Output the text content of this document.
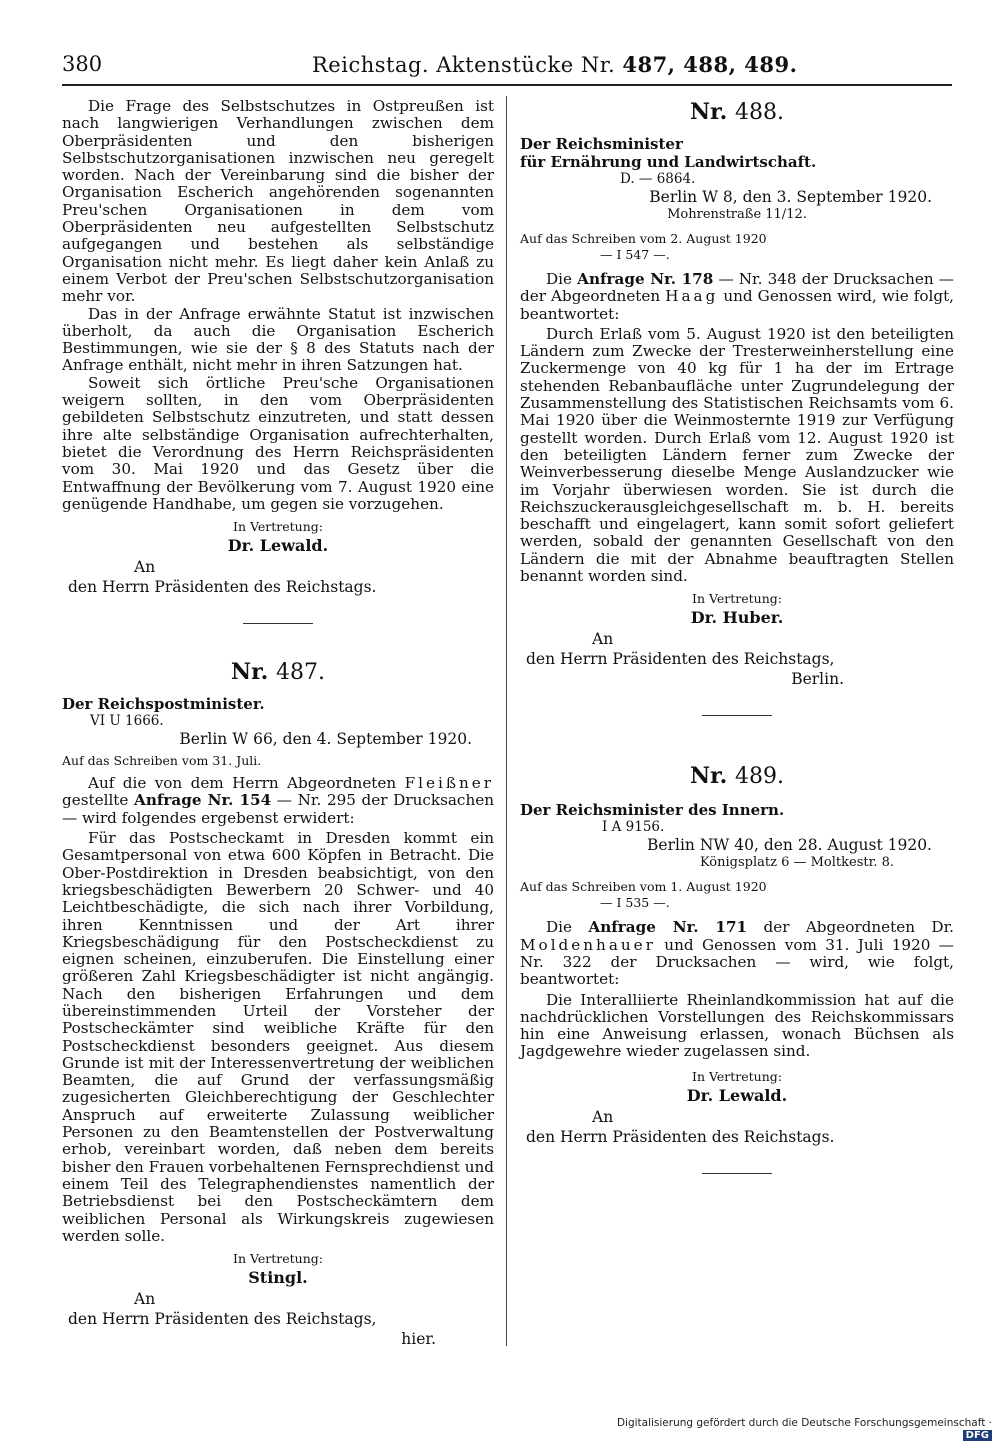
380	Reichstag. Aktenstücke Nr. 487, 488, 489.

Die Frage des Selbstschutzes in Ostpreußen ist nach langwierigen Verhandlungen zwischen dem Oberpräsidenten und den bisherigen Selbstschutzorganisationen inzwischen neu geregelt worden. Nach der Vereinbarung sind die bisher der Organisation Escherich angehörenden sogenannten Preu'schen Organisationen in dem vom Oberpräsidenten neu aufgestellten Selbstschutz aufgegangen und bestehen als selbständige Organisation nicht mehr. Es liegt daher kein Anlaß zu einem Verbot der Preu'schen Selbstschutzorganisation mehr vor.

Das in der Anfrage erwähnte Statut ist inzwischen überholt, da auch die Organisation Escherich Bestimmungen, wie sie der § 8 des Statuts nach der Anfrage enthält, nicht mehr in ihren Satzungen hat.

Soweit sich örtliche Preu'sche Organisationen weigern sollten, in den vom Oberpräsidenten gebildeten Selbstschutz einzutreten, und statt dessen ihre alte selbständige Organisation aufrechterhalten, bietet die Verordnung des Herrn Reichspräsidenten vom 30. Mai 1920 und das Gesetz über die Entwaffnung der Bevölkerung vom 7. August 1920 eine genügende Handhabe, um gegen sie vorzugehen.

In Vertretung:
Dr. Lewald.
An
den Herrn Präsidenten des Reichstags.
Nr. 487.
Der Reichspostminister.
VI U 1666.
Berlin W 66, den 4. September 1920.
Auf das Schreiben vom 31. Juli.

Auf die von dem Herrn Abgeordneten Fleißner gestellte Anfrage Nr. 154 — Nr. 295 der Drucksachen — wird folgendes ergebenst erwidert:

Für das Postscheckamt in Dresden kommt ein Gesamtpersonal von etwa 600 Köpfen in Betracht. Die Ober-Postdirektion in Dresden beabsichtigt, von den kriegsbeschädigten Bewerbern 20 Schwer- und 40 Leichtbeschädigte, die sich nach ihrer Vorbildung, ihren Kenntnissen und der Art ihrer Kriegsbeschädigung für den Postscheckdienst zu eignen scheinen, einzuberufen. Die Einstellung einer größeren Zahl Kriegsbeschädigter ist nicht angängig. Nach den bisherigen Erfahrungen und dem übereinstimmenden Urteil der Vorsteher der Postscheckämter sind weibliche Kräfte für den Postscheckdienst besonders geeignet. Aus diesem Grunde ist mit der Interessenvertretung der weiblichen Beamten, die auf Grund der verfassungsmäßig zugesicherten Gleichberechtigung der Geschlechter Anspruch auf erweiterte Zulassung weiblicher Personen zu den Beamtenstellen der Postverwaltung erhob, vereinbart worden, daß neben dem bereits bisher den Frauen vorbehaltenen Fernsprechdienst und einem Teil des Telegraphendienstes namentlich der Betriebsdienst bei den Postscheckämtern dem weiblichen Personal als Wirkungskreis zugewiesen werden solle.

In Vertretung:
Stingl.
An
den Herrn Präsidenten des Reichstags,
hier.
Nr. 488.
Der Reichsminister
für Ernährung und Landwirtschaft.
D. — 6864.
Berlin W 8, den 3. September 1920.
Mohrenstraße 11/12.
Auf das Schreiben vom 2. August 1920
— I 547 —.

Die Anfrage Nr. 178 — Nr. 348 der Drucksachen — der Abgeordneten Haag und Genossen wird, wie folgt, beantwortet:

Durch Erlaß vom 5. August 1920 ist den beteiligten Ländern zum Zwecke der Tresterweinherstellung eine Zuckermenge von 40 kg für 1 ha der im Ertrage stehenden Rebanbaufläche unter Zugrundelegung der Zusammenstellung des Statistischen Reichsamts vom 6. Mai 1920 über die Weinmosternte 1919 zur Verfügung gestellt worden. Durch Erlaß vom 12. August 1920 ist den beteiligten Ländern ferner zum Zwecke der Weinverbesserung dieselbe Menge Auslandzucker wie im Vorjahr überwiesen worden. Sie ist durch die Reichszuckerausgleichgesellschaft m. b. H. bereits beschafft und eingelagert, kann somit sofort geliefert werden, sobald der genannten Gesellschaft von den Ländern die mit der Abnahme beauftragten Stellen benannt worden sind.

In Vertretung:
Dr. Huber.
An
den Herrn Präsidenten des Reichstags,
Berlin.
Nr. 489.
Der Reichsminister des Innern.
I A 9156.
Berlin NW 40, den 28. August 1920.
Königsplatz 6 — Moltkestr. 8.
Auf das Schreiben vom 1. August 1920
— I 535 —.

Die Anfrage Nr. 171 der Abgeordneten Dr. Moldenhauer und Genossen vom 31. Juli 1920 — Nr. 322 der Drucksachen — wird, wie folgt, beantwortet:

Die Interalliierte Rheinlandkommission hat auf die nachdrücklichen Vorstellungen des Reichskommissars hin eine Anweisung erlassen, wonach Büchsen als Jagdgewehre wieder zugelassen sind.

In Vertretung:
Dr. Lewald.
An
den Herrn Präsidenten des Reichstags.
Digitalisierung gefördert durch die Deutsche Forschungsgemeinschaft ·DFG
